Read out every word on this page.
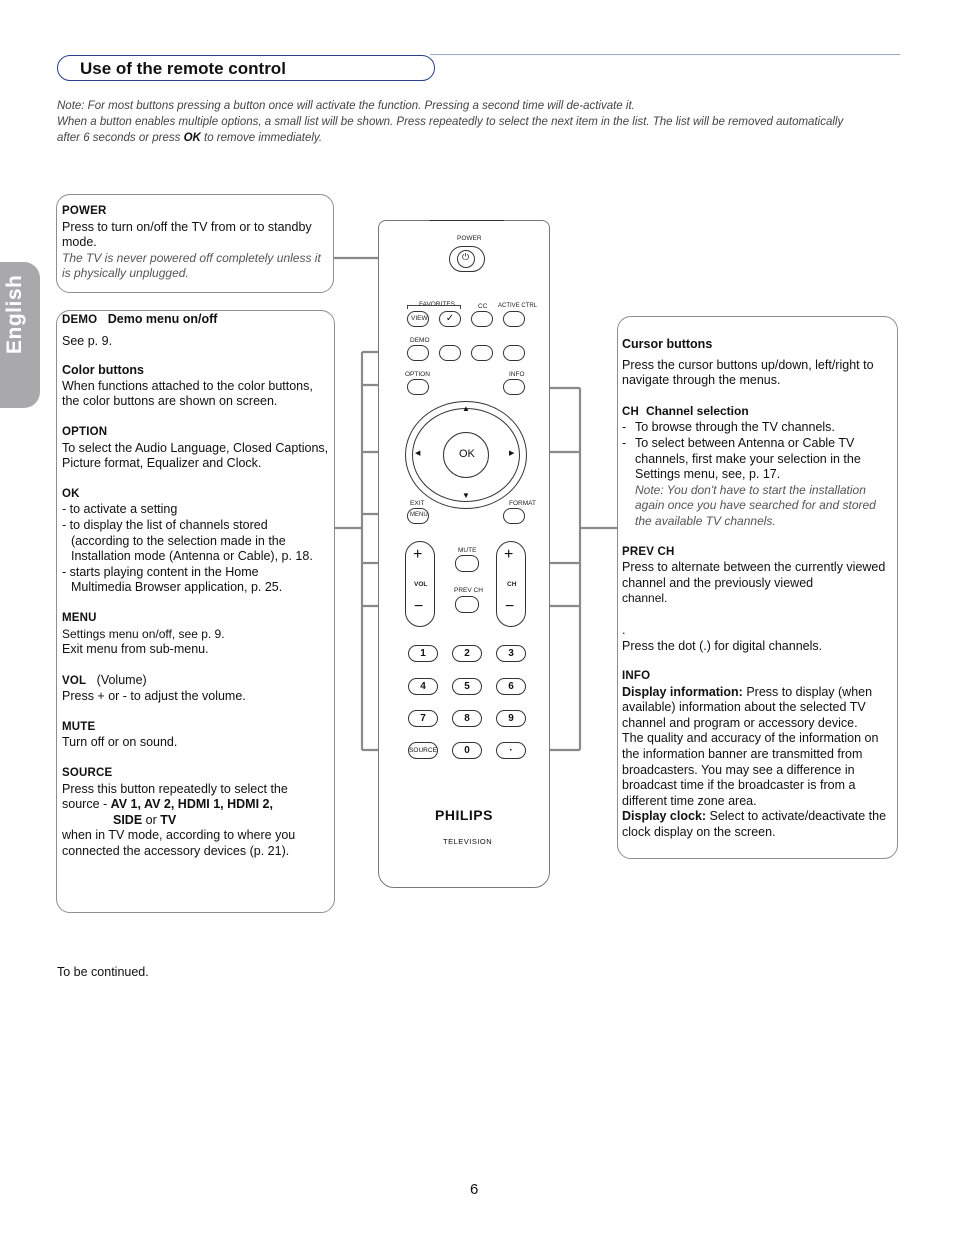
Use of the remote control
Note: For most buttons pressing a button once will activate the function. Pressing a second time will de-activate it.
When a button enables multiple options, a small list will be shown. Press repeatedly to select the next item in the list. The list will be removed automatically
after 6 seconds or press OK to remove immediately.
English
POWER
Press to turn on/off the TV from or to standby mode.
The TV is never powered off completely unless it is physically unplugged.
DEMO Demo menu on/off
See p. 9.
Color buttons
When functions attached to the color buttons, the color buttons are shown on screen.
OPTION
To select the Audio Language, Closed Captions, Picture format, Equalizer and Clock.
OK
- to activate a setting
- to display the list of channels stored
(according to the selection made in the
Installation mode (Antenna or Cable), p. 18.
- starts playing content in the Home
Multimedia Browser application, p. 25.
MENU
Settings menu on/off, see p. 9.
Exit menu from sub-menu.
VOL (Volume)
Press + or - to adjust the volume.
MUTE
Turn off or on sound.
SOURCE
Press this button repeatedly to select the
source - AV 1, AV 2, HDMI 1, HDMI 2,
SIDE or TV
when in TV mode, according to where you connected the accessory devices (p. 21).
Cursor buttons
Press the cursor buttons up/down, left/right to navigate through the menus.
CH Channel selection
- To browse through the TV channels.
- To select between Antenna or Cable TV channels, first make your selection in the Settings menu, see, p. 17.
Note: You don't have to start the installation again once you have searched for and stored the available TV channels.
PREV CH
Press to alternate between the currently viewed channel and the previously viewed
channel.
.
Press the dot (.) for digital channels.
INFO
Display information: Press to display (when available) information about the selected TV channel and program or accessory device.
The quality and accuracy of the information on the information banner are transmitted from broadcasters. You may see a difference in broadcast time if the broadcaster is from a different time zone area.
Display clock: Select to activate/deactivate the clock display on the screen.
POWER
⏻
FAVORITES	CC ACTIVE CTRL
VIEW	✓
DEMO
OPTION	INFO
▲
▼
▶
◀	OK
EXIT	FORMAT
MENU
+
VOL
−
MUTE
PREV CH
+
CH
−
1	2	3
4	5	6
7	8	9
SOURCE	0	·
PHILIPS
TELEVISION
To be continued.
6
